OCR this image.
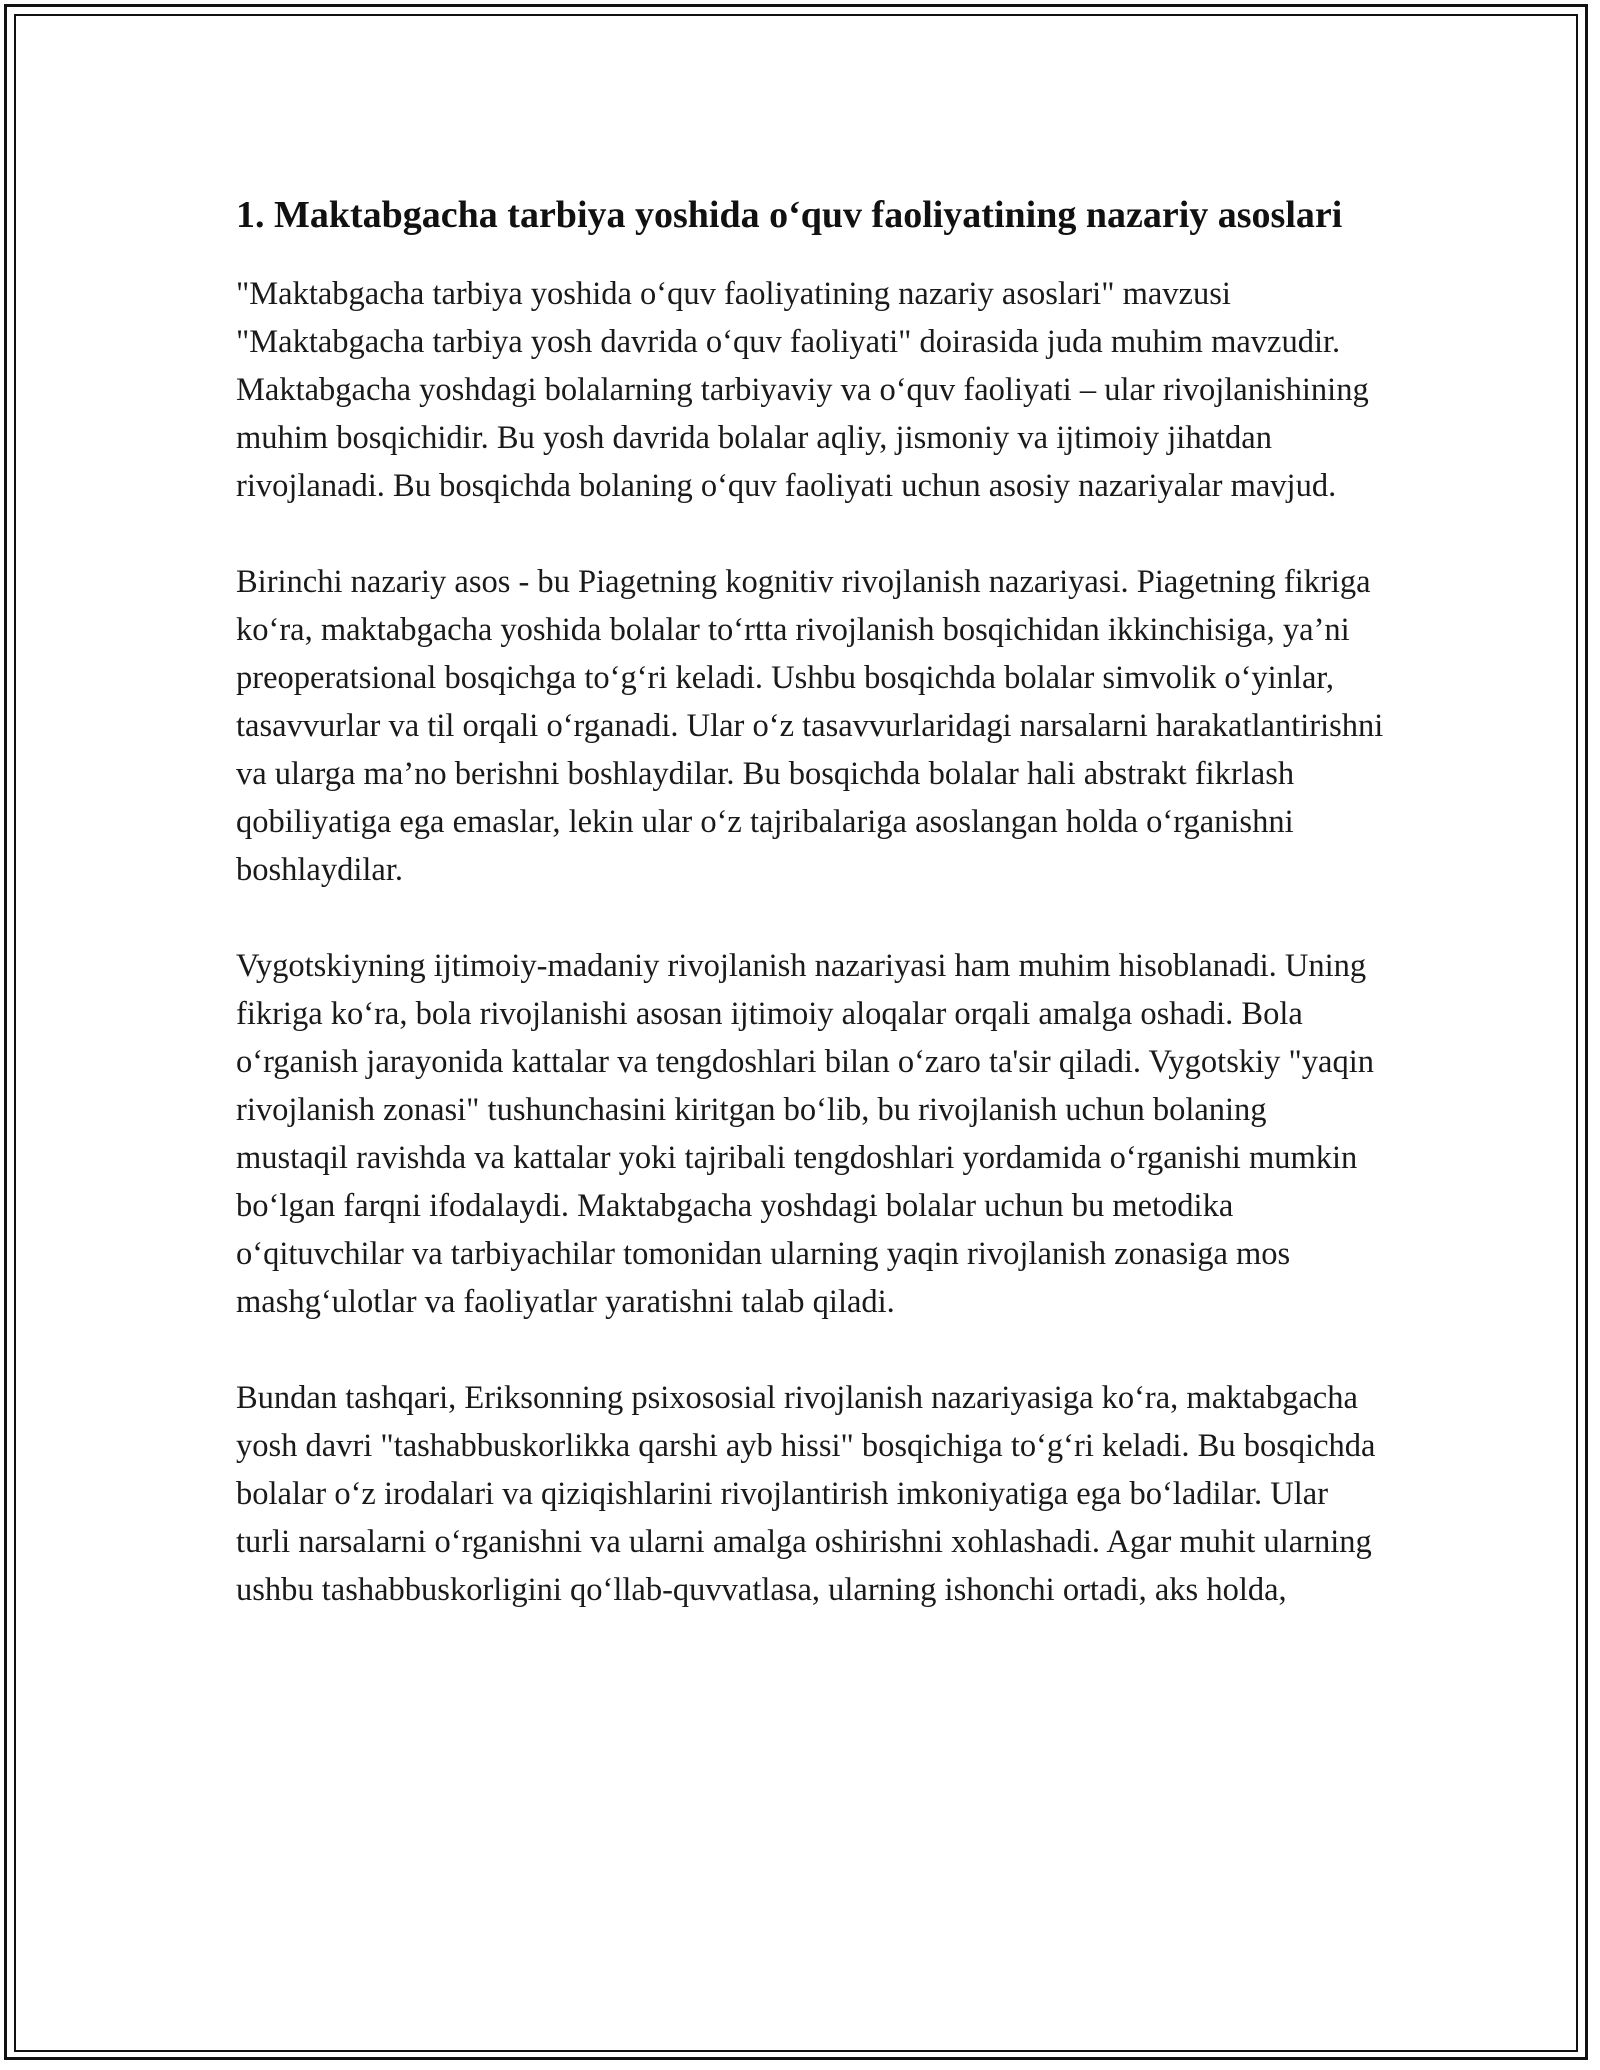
1. Maktabgacha tarbiya yoshida o‘quv faoliyatining nazariy asoslari

"Maktabgacha tarbiya yoshida o‘quv faoliyatining nazariy asoslari" mavzusi "Maktabgacha tarbiya yosh davrida o‘quv faoliyati" doirasida juda muhim mavzudir. Maktabgacha yoshdagi bolalarning tarbiyaviy va o‘quv faoliyati – ular rivojlanishining muhim bosqichidir. Bu yosh davrida bolalar aqliy, jismoniy va ijtimoiy jihatdan rivojlanadi. Bu bosqichda bolaning o‘quv faoliyati uchun asosiy nazariyalar mavjud.

Birinchi nazariy asos - bu Piagetning kognitiv rivojlanish nazariyasi. Piagetning fikriga ko‘ra, maktabgacha yoshida bolalar to‘rtta rivojlanish bosqichidan ikkinchisiga, ya’ni preoperatsional bosqichga to‘g‘ri keladi. Ushbu bosqichda bolalar simvolik o‘yinlar, tasavvurlar va til orqali o‘rganadi. Ular o‘z tasavvurlaridagi narsalarni harakatlantirishni va ularga ma’no berishni boshlaydilar. Bu bosqichda bolalar hali abstrakt fikrlash qobiliyatiga ega emaslar, lekin ular o‘z tajribalariga asoslangan holda o‘rganishni boshlaydilar.

Vygotskiyning ijtimoiy-madaniy rivojlanish nazariyasi ham muhim hisoblanadi. Uning fikriga ko‘ra, bola rivojlanishi asosan ijtimoiy aloqalar orqali amalga oshadi. Bola o‘rganish jarayonida kattalar va tengdoshlari bilan o‘zaro ta'sir qiladi. Vygotskiy "yaqin rivojlanish zonasi" tushunchasini kiritgan bo‘lib, bu rivojlanish uchun bolaning mustaqil ravishda va kattalar yoki tajribali tengdoshlari yordamida o‘rganishi mumkin bo‘lgan farqni ifodalaydi. Maktabgacha yoshdagi bolalar uchun bu metodika o‘qituvchilar va tarbiyachilar tomonidan ularning yaqin rivojlanish zonasiga mos mashg‘ulotlar va faoliyatlar yaratishni talab qiladi.

Bundan tashqari, Eriksonning psixososial rivojlanish nazariyasiga ko‘ra, maktabgacha yosh davri "tashabbuskorlikka qarshi ayb hissi" bosqichiga to‘g‘ri keladi. Bu bosqichda bolalar o‘z irodalari va qiziqishlarini rivojlantirish imkoniyatiga ega bo‘ladilar. Ular turli narsalarni o‘rganishni va ularni amalga oshirishni xohlashadi. Agar muhit ularning ushbu tashabbuskorligini qo‘llab-quvvatlasa, ularning ishonchi ortadi, aks holda,
